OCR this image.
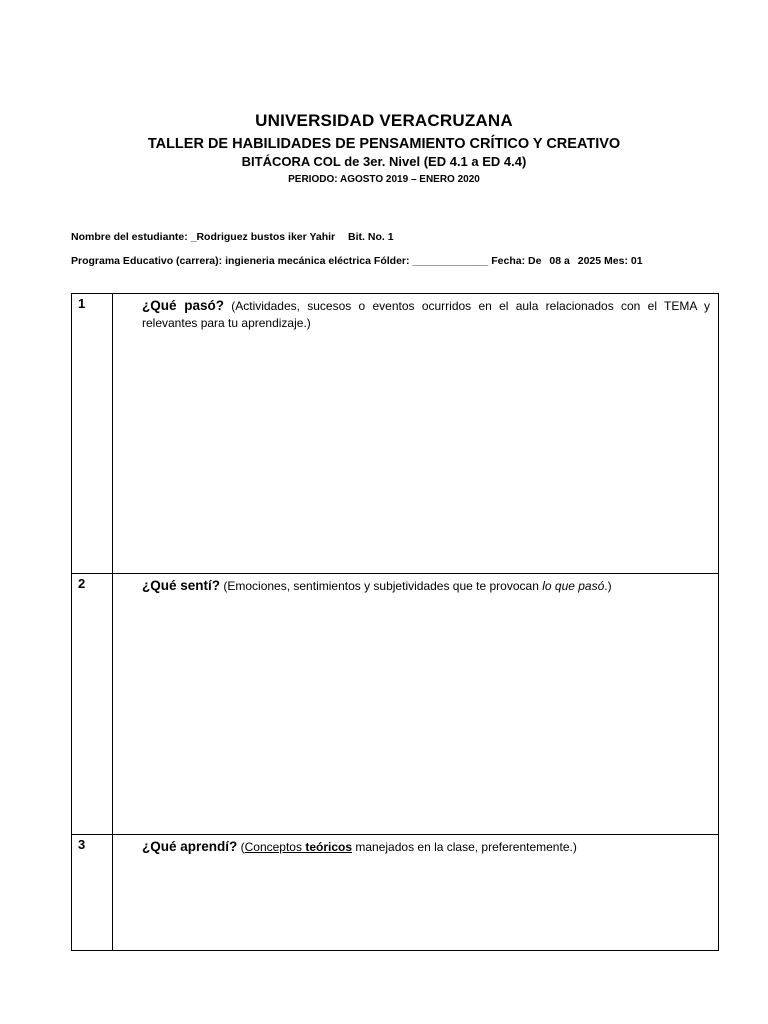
UNIVERSIDAD VERACRUZANA
TALLER DE HABILIDADES DE PENSAMIENTO CRÍTICO Y CREATIVO
BITÁCORA COL de 3er. Nivel (ED 4.1 a ED 4.4)
PERIODO: AGOSTO 2019 – ENERO 2020
Nombre del estudiante: _Rodriguez bustos iker Yahir Bit. No. 1
Programa Educativo (carrera): ingieneria mecánica eléctrica Fólder: _____________ Fecha: De 08 a 2025 Mes: 01
1	¿Qué pasó? (Actividades, sucesos o eventos ocurridos en el aula relacionados con el TEMA y relevantes para tu aprendizaje.)

2	¿Qué sentí? (Emociones, sentimientos y subjetividades que te provocan lo que pasó.)

3	¿Qué aprendí? (Conceptos teóricos manejados en la clase, preferentemente.)
